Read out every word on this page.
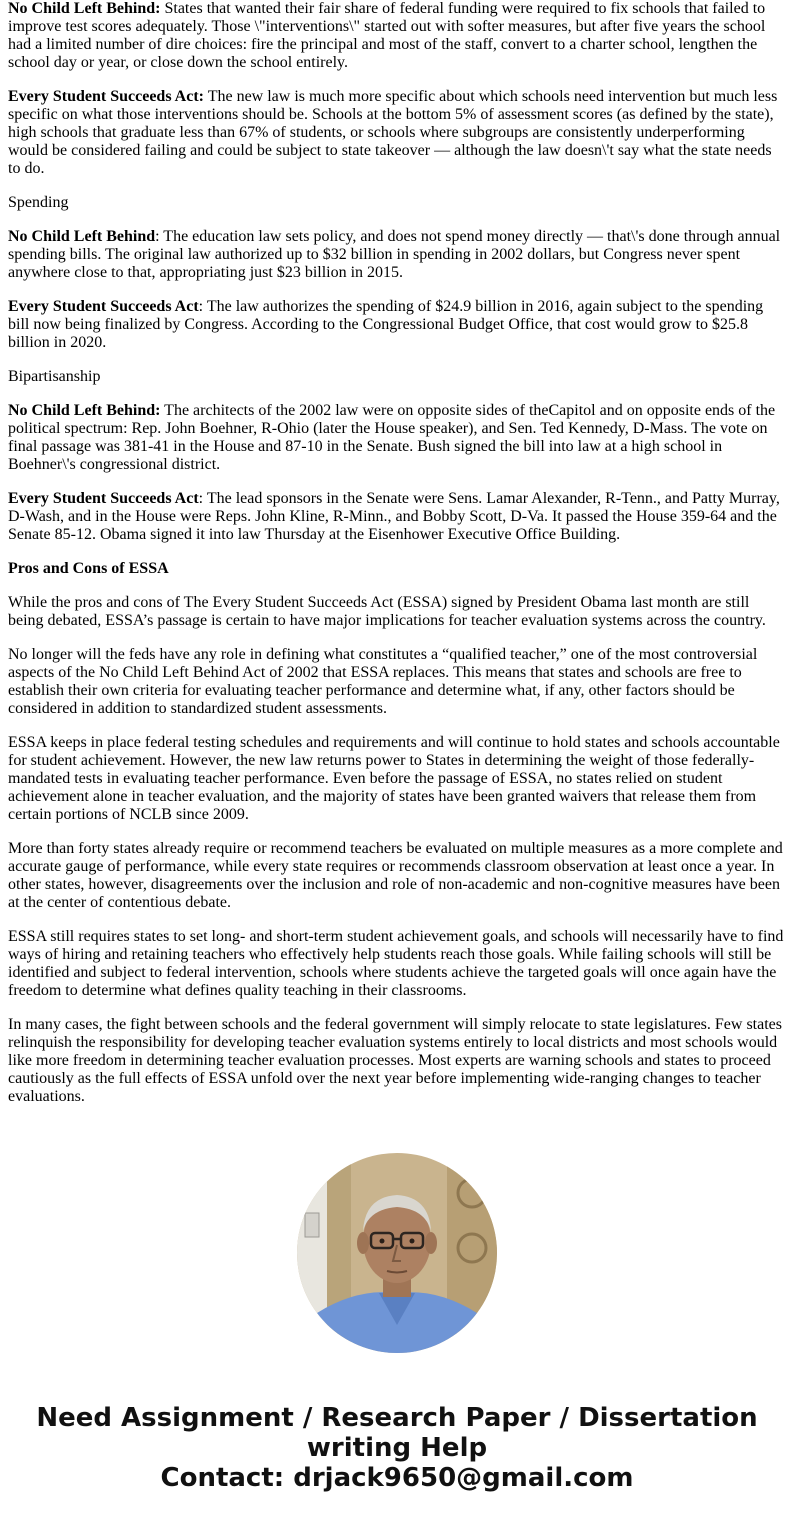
No Child Left Behind: States that wanted their fair share of federal funding were required to fix schools that failed to improve test scores adequately. Those \"interventions\" started out with softer measures, but after five years the school had a limited number of dire choices: fire the principal and most of the staff, convert to a charter school, lengthen the school day or year, or close down the school entirely.

Every Student Succeeds Act: The new law is much more specific about which schools need intervention but much less specific on what those interventions should be. Schools at the bottom 5% of assessment scores (as defined by the state), high schools that graduate less than 67% of students, or schools where subgroups are consistently underperforming would be considered failing and could be subject to state takeover — although the law doesn\'t say what the state needs to do.

Spending

No Child Left Behind: The education law sets policy, and does not spend money directly — that\'s done through annual spending bills. The original law authorized up to $32 billion in spending in 2002 dollars, but Congress never spent anywhere close to that, appropriating just $23 billion in 2015.

Every Student Succeeds Act: The law authorizes the spending of $24.9 billion in 2016, again subject to the spending bill now being finalized by Congress. According to the Congressional Budget Office, that cost would grow to $25.8 billion in 2020.

Bipartisanship

No Child Left Behind: The architects of the 2002 law were on opposite sides of theCapitol and on opposite ends of the political spectrum: Rep. John Boehner, R-Ohio (later the House speaker), and Sen. Ted Kennedy, D-Mass. The vote on final passage was 381-41 in the House and 87-10 in the Senate. Bush signed the bill into law at a high school in Boehner\'s congressional district.

Every Student Succeeds Act: The lead sponsors in the Senate were Sens. Lamar Alexander, R-Tenn., and Patty Murray, D-Wash, and in the House were Reps. John Kline, R-Minn., and Bobby Scott, D-Va. It passed the House 359-64 and the Senate 85-12. Obama signed it into law Thursday at the Eisenhower Executive Office Building.

Pros and Cons of ESSA

While the pros and cons of The Every Student Succeeds Act (ESSA) signed by President Obama last month are still being debated, ESSA’s passage is certain to have major implications for teacher evaluation systems across the country.

No longer will the feds have any role in defining what constitutes a “qualified teacher,” one of the most controversial aspects of the No Child Left Behind Act of 2002 that ESSA replaces. This means that states and schools are free to establish their own criteria for evaluating teacher performance and determine what, if any, other factors should be considered in addition to standardized student assessments.

ESSA keeps in place federal testing schedules and requirements and will continue to hold states and schools accountable for student achievement. However, the new law returns power to States in determining the weight of those federally-mandated tests in evaluating teacher performance. Even before the passage of ESSA, no states relied on student achievement alone in teacher evaluation, and the majority of states have been granted waivers that release them from certain portions of NCLB since 2009.

More than forty states already require or recommend teachers be evaluated on multiple measures as a more complete and accurate gauge of performance, while every state requires or recommends classroom observation at least once a year. In other states, however, disagreements over the inclusion and role of non-academic and non-cognitive measures have been at the center of contentious debate.

ESSA still requires states to set long- and short-term student achievement goals, and schools will necessarily have to find ways of hiring and retaining teachers who effectively help students reach those goals. While failing schools will still be identified and subject to federal intervention, schools where students achieve the targeted goals will once again have the freedom to determine what defines quality teaching in their classrooms.

In many cases, the fight between schools and the federal government will simply relocate to state legislatures. Few states relinquish the responsibility for developing teacher evaluation systems entirely to local districts and most schools would like more freedom in determining teacher evaluation processes. Most experts are warning schools and states to proceed cautiously as the full effects of ESSA unfold over the next year before implementing wide-ranging changes to teacher evaluations.

Need Assignment / Research Paper / Dissertation
writing Help
Contact: drjack9650@gmail.com
